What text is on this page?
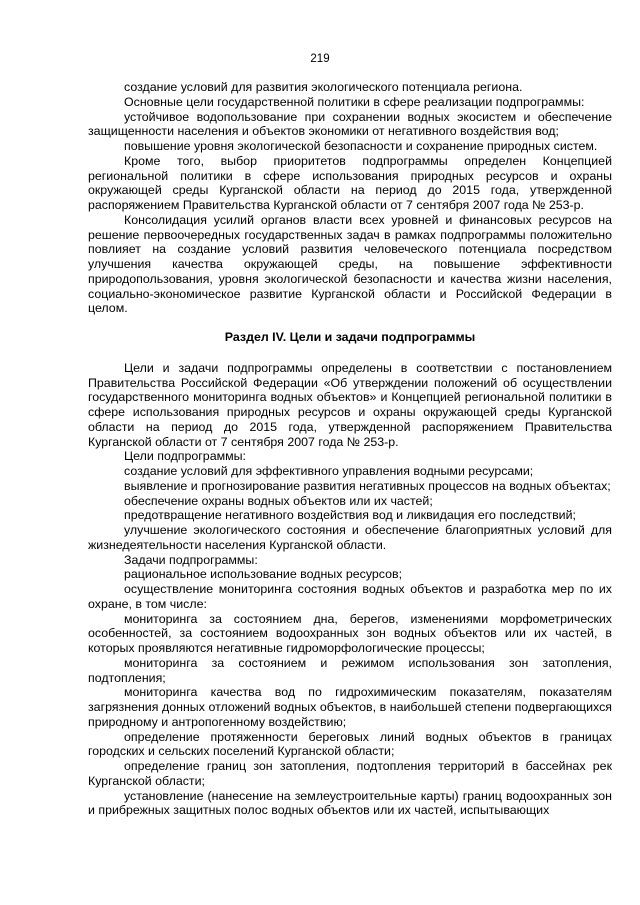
219

создание условий для развития экологического потенциала региона.

Основные цели государственной политики в сфере реализации подпрограммы:

устойчивое водопользование при сохранении водных экосистем и обеспечение защищенности населения и объектов экономики от негативного воздействия вод;

повышение уровня экологической безопасности и сохранение природных систем.

Кроме того, выбор приоритетов подпрограммы определен Концепцией региональной политики в сфере использования природных ресурсов и охраны окружающей среды Курганской области на период до 2015 года, утвержденной распоряжением Правительства Курганской области от 7 сентября 2007 года № 253-р.

Консолидация усилий органов власти всех уровней и финансовых ресурсов на решение первоочередных государственных задач в рамках подпрограммы положительно повлияет на создание условий развития человеческого потенциала посредством улучшения качества окружающей среды, на повышение эффективности природопользования, уровня экологической безопасности и качества жизни населения, социально-экономическое развитие Курганской области и Российской Федерации в целом.

Раздел IV. Цели и задачи подпрограммы

Цели и задачи подпрограммы определены в соответствии с постановлением Правительства Российской Федерации «Об утверждении положений об осуществлении государственного мониторинга водных объектов» и Концепцией региональной политики в сфере использования природных ресурсов и охраны окружающей среды Курганской области на период до 2015 года, утвержденной распоряжением Правительства Курганской области от 7 сентября 2007 года № 253-р.

Цели подпрограммы:

создание условий для эффективного управления водными ресурсами;

выявление и прогнозирование развития негативных процессов на водных объектах;

обеспечение охраны водных объектов или их частей;

предотвращение негативного воздействия вод и ликвидация его последствий;

улучшение экологического состояния и обеспечение благоприятных условий для жизнедеятельности населения Курганской области.

Задачи подпрограммы:

рациональное использование водных ресурсов;

осуществление мониторинга состояния водных объектов и разработка мер по их охране, в том числе:

мониторинга за состоянием дна, берегов, изменениями морфометрических особенностей, за состоянием водоохранных зон водных объектов или их частей, в которых проявляются негативные гидроморфологические процессы;

мониторинга за состоянием и режимом использования зон затопления, подтопления;

мониторинга качества вод по гидрохимическим показателям, показателям загрязнения донных отложений водных объектов, в наибольшей степени подвергающихся природному и антропогенному воздействию;

определение протяженности береговых линий водных объектов в границах городских и сельских поселений Курганской области;

определение границ зон затопления, подтопления территорий в бассейнах рек Курганской области;

установление (нанесение на землеустроительные карты) границ водоохранных зон и прибрежных защитных полос водных объектов или их частей, испытывающих
